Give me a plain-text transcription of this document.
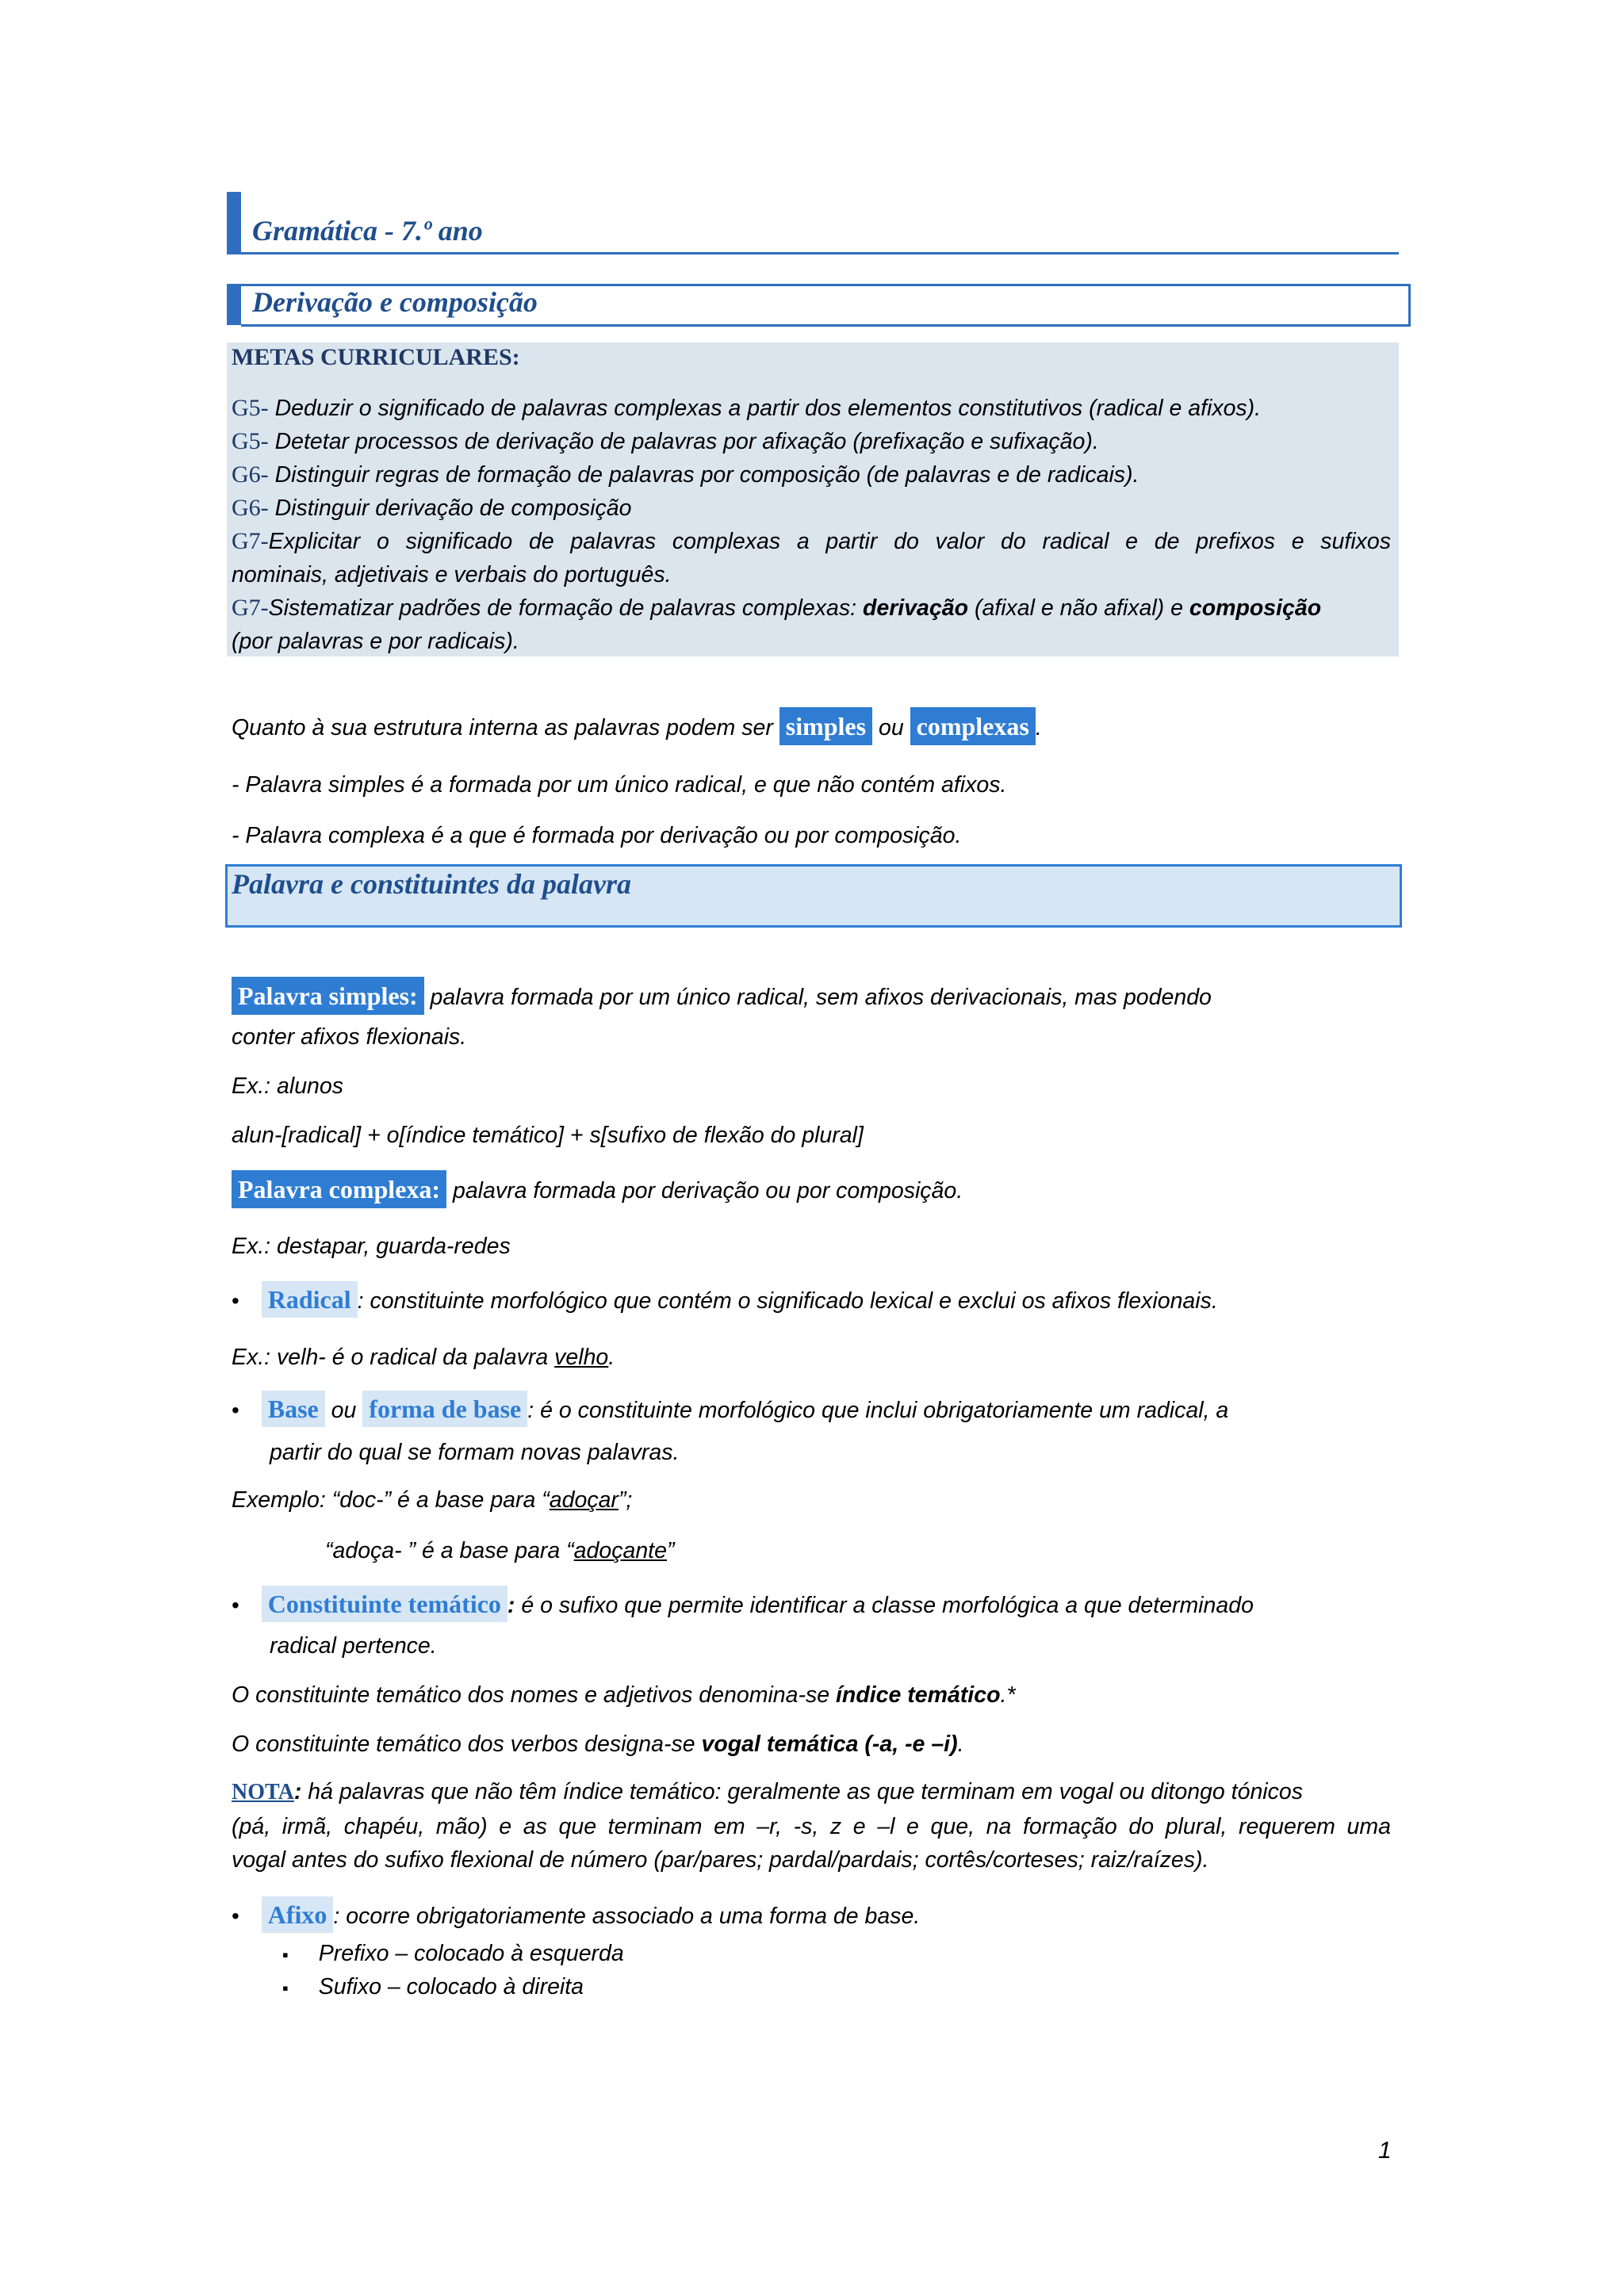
Gramática - 7.º ano
Derivação e composição
METAS CURRICULARES:
G5- Deduzir o significado de palavras complexas a partir dos elementos constitutivos (radical e afixos).
G5- Detetar processos de derivação de palavras por afixação (prefixação e sufixação).
G6- Distinguir regras de formação de palavras por composição (de palavras e de radicais).
G6- Distinguir derivação de composição
G7-Explicitar o significado de palavras complexas a partir do valor do radical e de prefixos e sufixos
nominais, adjetivais e verbais do português.
G7-Sistematizar padrões de formação de palavras complexas: derivação (afixal e não afixal) e composição
(por palavras e por radicais).
Quanto à sua estrutura interna as palavras podem ser simples ou complexas .
- Palavra simples é a formada por um único radical, e que não contém afixos.
- Palavra complexa é a que é formada por derivação ou por composição.
Palavra e constituintes da palavra
Palavra simples: palavra formada por um único radical, sem afixos derivacionais, mas podendo
conter afixos flexionais.
Ex.: alunos
alun-[radical] + o[índice temático] + s[sufixo de flexão do plural]
Palavra complexa: palavra formada por derivação ou por composição.
Ex.: destapar, guarda-redes
• Radical : constituinte morfológico que contém o significado lexical e exclui os afixos flexionais.
Ex.: velh- é o radical da palavra velho.
• Base ou forma de base : é o constituinte morfológico que inclui obrigatoriamente um radical, a
partir do qual se formam novas palavras.
Exemplo: “doc-” é a base para “adoçar”;
“adoça- ” é a base para “adoçante”
• Constituinte temático : é o sufixo que permite identificar a classe morfológica a que determinado
radical pertence.
O constituinte temático dos nomes e adjetivos denomina-se índice temático.*
O constituinte temático dos verbos designa-se vogal temática (-a, -e –i).
NOTA: há palavras que não têm índice temático: geralmente as que terminam em vogal ou ditongo tónicos
(pá, irmã, chapéu, mão) e as que terminam em –r, -s, z e –l e que, na formação do plural, requerem uma
vogal antes do sufixo flexional de número (par/pares; pardal/pardais; cortês/corteses; raiz/raízes).
• Afixo : ocorre obrigatoriamente associado a uma forma de base.
▪ Prefixo – colocado à esquerda
▪ Sufixo – colocado à direita
1
